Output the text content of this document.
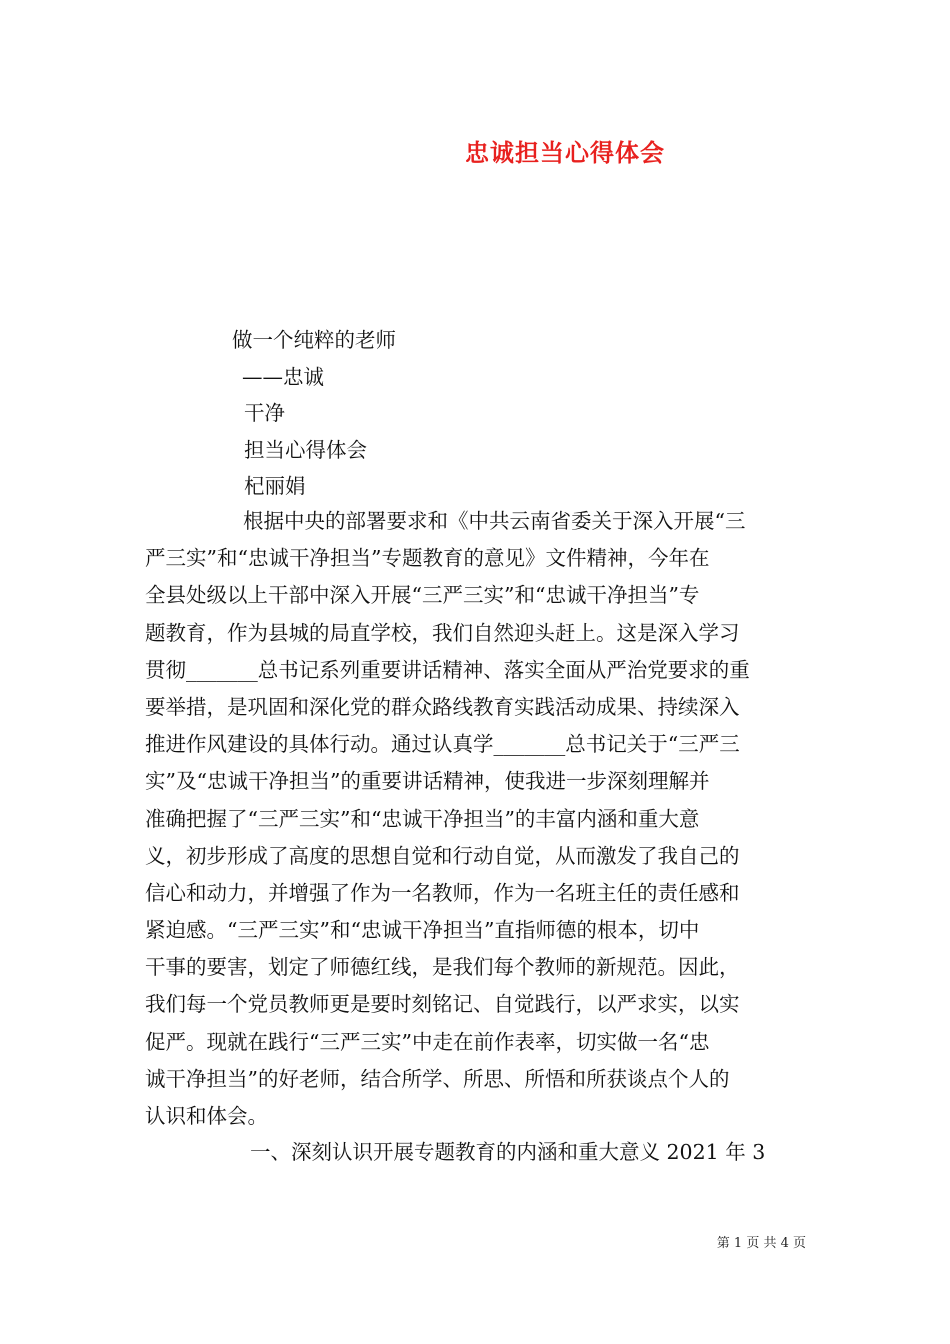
忠诚担当心得体会
做一个纯粹的老师
——忠诚
干净
担当心得体会
杞丽娟
根据中央的部署要求和《中共云南省委关于深入开展“三
严三实”和“忠诚干净担当”专题教育的意见》文件精神，今年在
全县处级以上干部中深入开展“三严三实”和“忠诚干净担当”专
题教育，作为县城的局直学校，我们自然迎头赶上。这是深入学习
贯彻_______总书记系列重要讲话精神、落实全面从严治党要求的重
要举措，是巩固和深化党的群众路线教育实践活动成果、持续深入
推进作风建设的具体行动。通过认真学_______总书记关于“三严三
实”及“忠诚干净担当”的重要讲话精神，使我进一步深刻理解并
准确把握了“三严三实”和“忠诚干净担当”的丰富内涵和重大意
义，初步形成了高度的思想自觉和行动自觉，从而激发了我自己的
信心和动力，并增强了作为一名教师，作为一名班主任的责任感和
紧迫感。“三严三实”和“忠诚干净担当”直指师德的根本，切中
干事的要害，划定了师德红线，是我们每个教师的新规范。因此，
我们每一个党员教师更是要时刻铭记、自觉践行，以严求实，以实
促严。现就在践行“三严三实”中走在前作表率，切实做一名“忠
诚干净担当”的好老师，结合所学、所思、所悟和所获谈点个人的
认识和体会。
一、深刻认识开展专题教育的内涵和重大意义 2021 年 3
第 1 页 共 4 页
